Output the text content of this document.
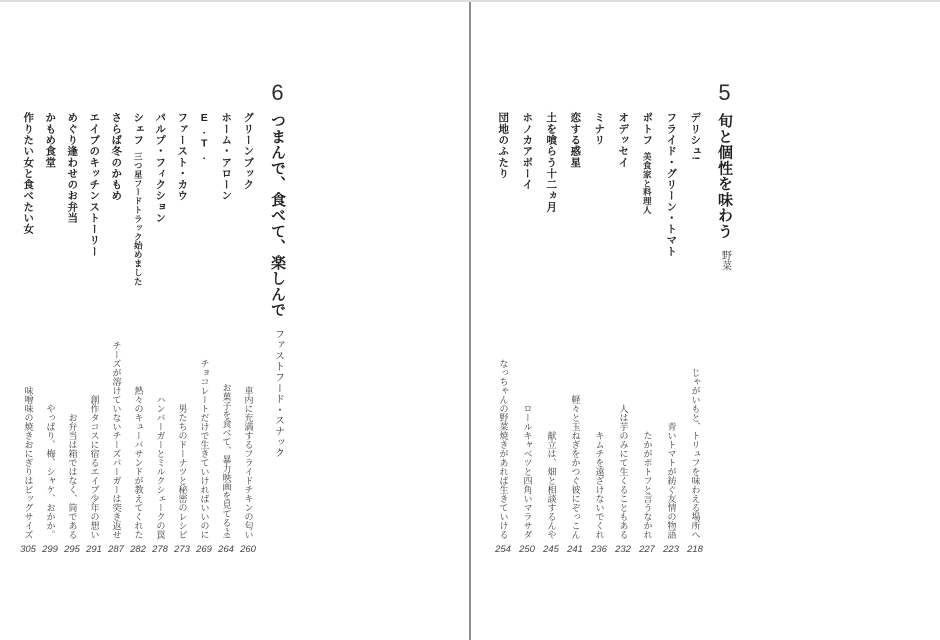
6
つまんで、食べて、楽しんで
ファストフード・スナック
グリーンブック
車内に充満するフライドチキンの匂い
260
ホーム・アローン
お菓子を食べて、暴力映画を見てるよ!
264
E.T.
チョコレートだけで生きていければいいのに
269
ファースト・カウ
男たちのドーナツと秘密のレシピ
273
パルプ・フィクション
ハンバーガーとミルクシェークの罠
278
シェフ三つ星フードトラック始めました
熱々のキューバサンドが教えてくれた
282
さらば冬のかもめ
チーズが溶けていないチーズバーガーは突き返せ
287
エイブのキッチンストーリー
創作タコスに宿るエイブ少年の想い
291
めぐり逢わせのお弁当
お弁当は箱ではなく、筒である
295
かもめ食堂
やっぱり、梅、シャケ、おかか。
299
作りたい女と食べたい女
味噌味の焼きおにぎりはビッグサイズ
305
5
旬と個性を味わう
野菜
デリシュ!
じゃがいもと、トリュフを味わえる場所へ
218
フライド・グリーン・トマト
青いトマトが紡ぐ友情の物語
223
ポトフ美食家と料理人
たかがポトフと言うなかれ
227
オデッセイ
人は芋のみにて生くることもある
232
ミナリ
キムチを遠ざけないでくれ
236
恋する惑星
軽々と玉ねぎをかつぐ彼にぞっこん
241
土を喰らう十二ヵ月
献立は、畑と相談するんや
245
ホノカアボーイ
ロールキャベツと四角いマラサダ
250
団地のふたり
なっちゃんの野菜焼きがあれば生きていける
254
